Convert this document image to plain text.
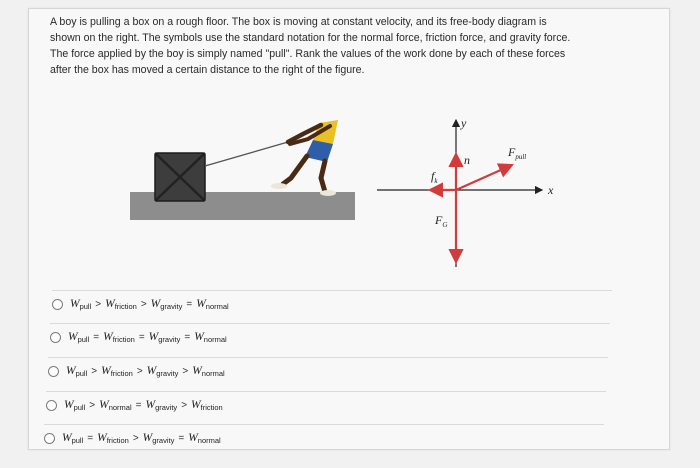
A boy is pulling a box on a rough floor. The box is moving at constant velocity, and its free-body diagram is shown on the right. The symbols use the standard notation for the normal force, friction force, and gravity force. The force applied by the boy is simply named "pull". Rank the values of the work done by each of these forces after the box has moved a certain distance to the right of the figure.

y
x
n
$f_k$
$F_G$
$F_{pull}$
$W_{pull} > W_{friction} > W_{gravity} = W_{normal}$
$W_{pull} = W_{friction} = W_{gravity} = W_{normal}$
$W_{pull} > W_{friction} > W_{gravity} > W_{normal}$
$W_{pull} > W_{normal} = W_{gravity} > W_{friction}$
$W_{pull} = W_{friction} > W_{gravity} = W_{normal}$
